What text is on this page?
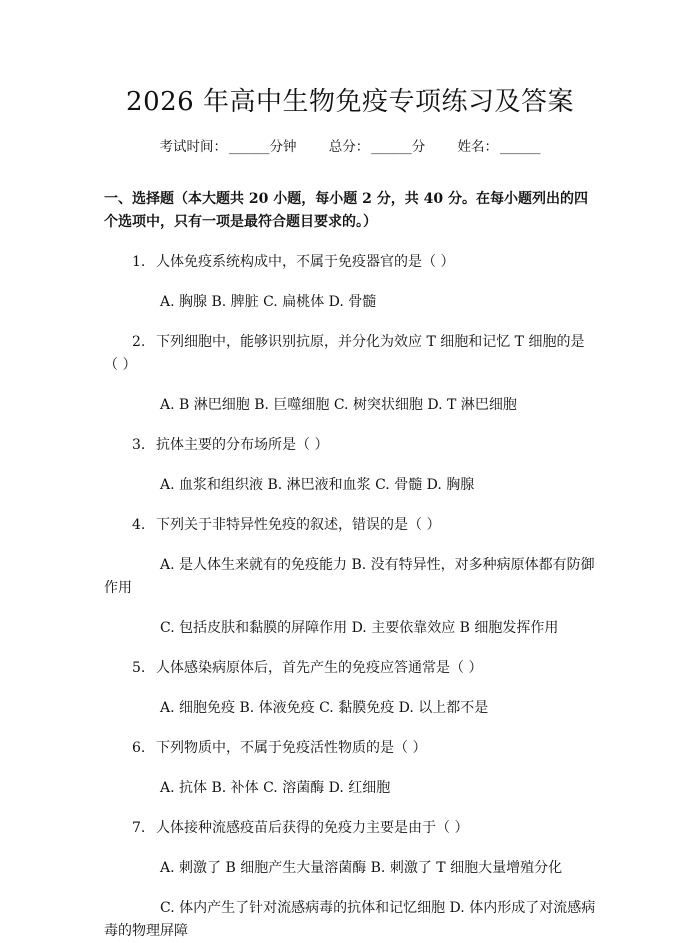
2026 年高中生物免疫专项练习及答案
考试时间： ______分钟 总分： ______分 姓名： ______
一、选择题（本大题共 20 小题，每小题 2 分，共 40 分。在每小题列出的四个选项中，只有一项是最符合题目要求的。）
1. 人体免疫系统构成中，不属于免疫器官的是（ ）
A. 胸腺 B. 脾脏 C. 扁桃体 D. 骨髓
2. 下列细胞中，能够识别抗原，并分化为效应 T 细胞和记忆 T 细胞的是（ ）
A. B 淋巴细胞 B. 巨噬细胞 C. 树突状细胞 D. T 淋巴细胞
3. 抗体主要的分布场所是（ ）
A. 血浆和组织液 B. 淋巴液和血浆 C. 骨髓 D. 胸腺
4. 下列关于非特异性免疫的叙述，错误的是（ ）
A. 是人体生来就有的免疫能力 B. 没有特异性，对多种病原体都有防御作用
C. 包括皮肤和黏膜的屏障作用 D. 主要依靠效应 B 细胞发挥作用
5. 人体感染病原体后，首先产生的免疫应答通常是（ ）
A. 细胞免疫 B. 体液免疫 C. 黏膜免疫 D. 以上都不是
6. 下列物质中，不属于免疫活性物质的是（ ）
A. 抗体 B. 补体 C. 溶菌酶 D. 红细胞
7. 人体接种流感疫苗后获得的免疫力主要是由于（ ）
A. 刺激了 B 细胞产生大量溶菌酶 B. 刺激了 T 细胞大量增殖分化
C. 体内产生了针对流感病毒的抗体和记忆细胞 D. 体内形成了对流感病毒的物理屏障
